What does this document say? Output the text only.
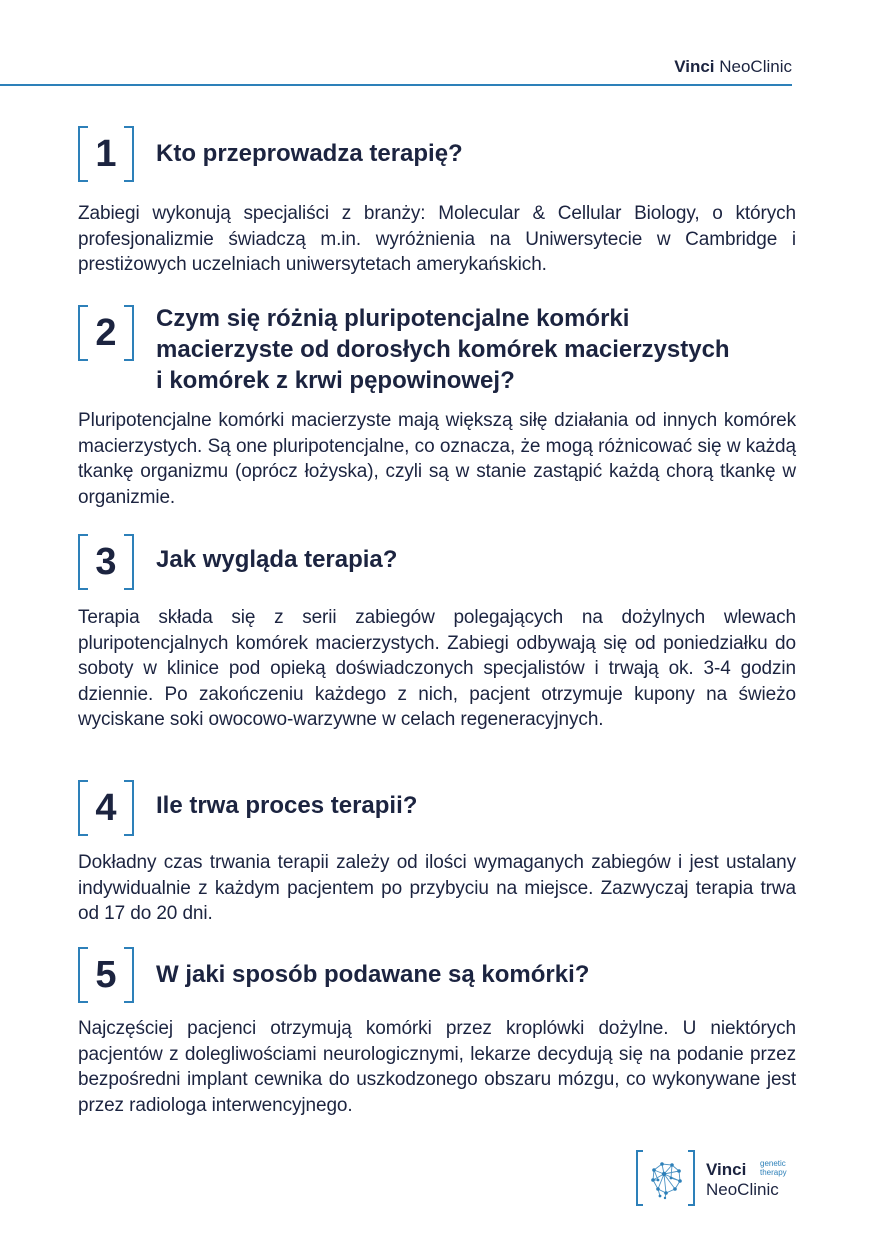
Vinci NeoClinic
1	Kto przeprowadza terapię?

Zabiegi wykonują specjaliści z branży: Molecular & Cellular Biology, o których profesjonalizmie świadczą m.in. wyróżnienia na Uniwersytecie w Cambridge i prestiżowych uczelniach uniwersytetach amerykańskich.

2	Czym się różnią pluripotencjalne komórki
macierzyste od dorosłych komórek macierzystych
i komórek z krwi pępowinowej?

Pluripotencjalne komórki macierzyste mają większą siłę działania od innych komórek macierzystych. Są one pluripotencjalne, co oznacza, że mogą różnicować się w każdą tkankę organizmu (oprócz łożyska), czyli są w stanie zastąpić każdą chorą tkankę w organizmie.

3	Jak wygląda terapia?

Terapia składa się z serii zabiegów polegających na dożylnych wlewach pluripotencjalnych komórek macierzystych. Zabiegi odbywają się od poniedziałku do soboty w klinice pod opieką doświadczonych specjalistów i trwają ok. 3-4 godzin dziennie. Po zakończeniu każdego z nich, pacjent otrzymuje kupony na świeżo wyciskane soki owocowo-warzywne w celach regeneracyjnych.

4	Ile trwa proces terapii?

Dokładny czas trwania terapii zależy od ilości wymaganych zabiegów i jest ustalany indywidualnie z każdym pacjentem po przybyciu na miejsce. Zazwyczaj terapia trwa od 17 do 20 dni.

5	W jaki sposób podawane są komórki?

Najczęściej pacjenci otrzymują komórki przez kroplówki dożylne. U niektórych pacjentów z dolegliwościami neurologicznymi, lekarze decydują się na podanie przez bezpośredni implant cewnika do uszkodzonego obszaru mózgu, co wykonywane jest przez radiologa interwencyjnego.

Vinci genetic
therapy
NeoClinic
